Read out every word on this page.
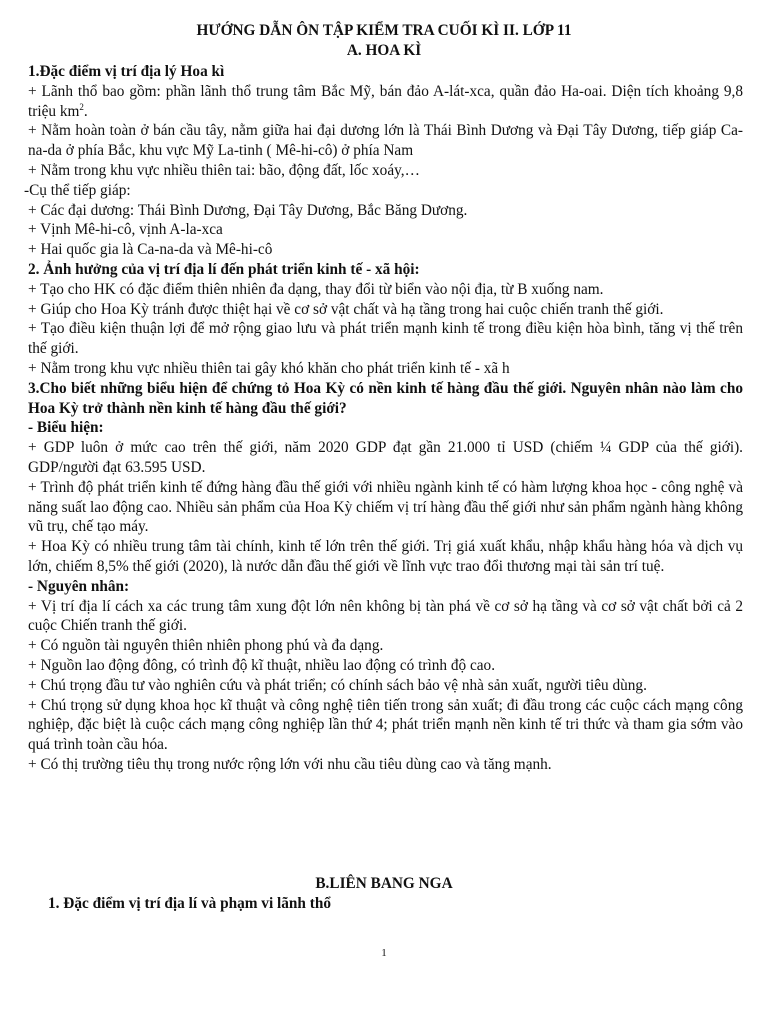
HƯỚNG DẪN ÔN TẬP KIỂM TRA CUỐI KÌ II. LỚP 11
A. HOA KÌ

1.Đặc điểm vị trí địa lý Hoa kì

+ Lãnh thổ bao gồm: phần lãnh thổ trung tâm Bắc Mỹ, bán đảo A-lát-xca, quần đảo Ha-oai. Diện tích khoảng 9,8 triệu $km^2$.

+ Nằm hoàn toàn ở bán cầu tây, nằm giữa hai đại dương lớn là Thái Bình Dương và Đại Tây Dương, tiếp giáp Ca-na-da ở phía Bắc, khu vực Mỹ La-tinh ( Mê-hi-cô) ở phía Nam

+ Nằm trong khu vực nhiều thiên tai: bão, động đất, lốc xoáy,…

-Cụ thể tiếp giáp:

+ Các đại dương: Thái Bình Dương, Đại Tây Dương, Bắc Băng Dương.

+ Vịnh Mê-hi-cô, vịnh A-la-xca

+ Hai quốc gia là Ca-na-da và Mê-hi-cô

2. Ảnh hưởng của vị trí địa lí đến phát triển kinh tế - xã hội:

+ Tạo cho HK có đặc điểm thiên nhiên đa dạng, thay đổi từ biển vào nội địa, từ B xuống nam.

+ Giúp cho Hoa Kỳ tránh được thiệt hại về cơ sở vật chất và hạ tầng trong hai cuộc chiến tranh thế giới.

+ Tạo điều kiện thuận lợi để mở rộng giao lưu và phát triển mạnh kinh tế trong điều kiện hòa bình, tăng vị thế trên thế giới.

+ Nằm trong khu vực nhiều thiên tai gây khó khăn cho phát triển kinh tế - xã h

3.Cho biết những biểu hiện để chứng tỏ Hoa Kỳ có nền kinh tế hàng đầu thế giới. Nguyên nhân nào làm cho Hoa Kỳ trở thành nền kinh tế hàng đầu thế giới?

- Biểu hiện:

+ GDP luôn ở mức cao trên thế giới, năm 2020 GDP đạt gần 21.000 tỉ USD (chiếm ¼ GDP của thế giới). GDP/người đạt 63.595 USD.

+ Trình độ phát triển kinh tế đứng hàng đầu thế giới với nhiều ngành kinh tế có hàm lượng khoa học - công nghệ và năng suất lao động cao. Nhiều sản phẩm của Hoa Kỳ chiếm vị trí hàng đầu thế giới như sản phẩm ngành hàng không vũ trụ, chế tạo máy.

+ Hoa Kỳ có nhiều trung tâm tài chính, kinh tế lớn trên thế giới. Trị giá xuất khẩu, nhập khẩu hàng hóa và dịch vụ lớn, chiếm 8,5% thế giới (2020), là nước dẫn đầu thế giới về lĩnh vực trao đổi thương mại tài sản trí tuệ.

- Nguyên nhân:

+ Vị trí địa lí cách xa các trung tâm xung đột lớn nên không bị tàn phá về cơ sở hạ tầng và cơ sở vật chất bởi cả 2 cuộc Chiến tranh thế giới.

+ Có nguồn tài nguyên thiên nhiên phong phú và đa dạng.

+ Nguồn lao động đông, có trình độ kĩ thuật, nhiều lao động có trình độ cao.

+ Chú trọng đầu tư vào nghiên cứu và phát triển; có chính sách bảo vệ nhà sản xuất, người tiêu dùng.

+ Chú trọng sử dụng khoa học kĩ thuật và công nghệ tiên tiến trong sản xuất; đi đầu trong các cuộc cách mạng công nghiệp, đặc biệt là cuộc cách mạng công nghiệp lần thứ 4; phát triển mạnh nền kinh tế tri thức và tham gia sớm vào quá trình toàn cầu hóa.

+ Có thị trường tiêu thụ trong nước rộng lớn với nhu cầu tiêu dùng cao và tăng mạnh.

B.LIÊN BANG NGA
1. Đặc điểm vị trí địa lí và phạm vi lãnh thổ
1
